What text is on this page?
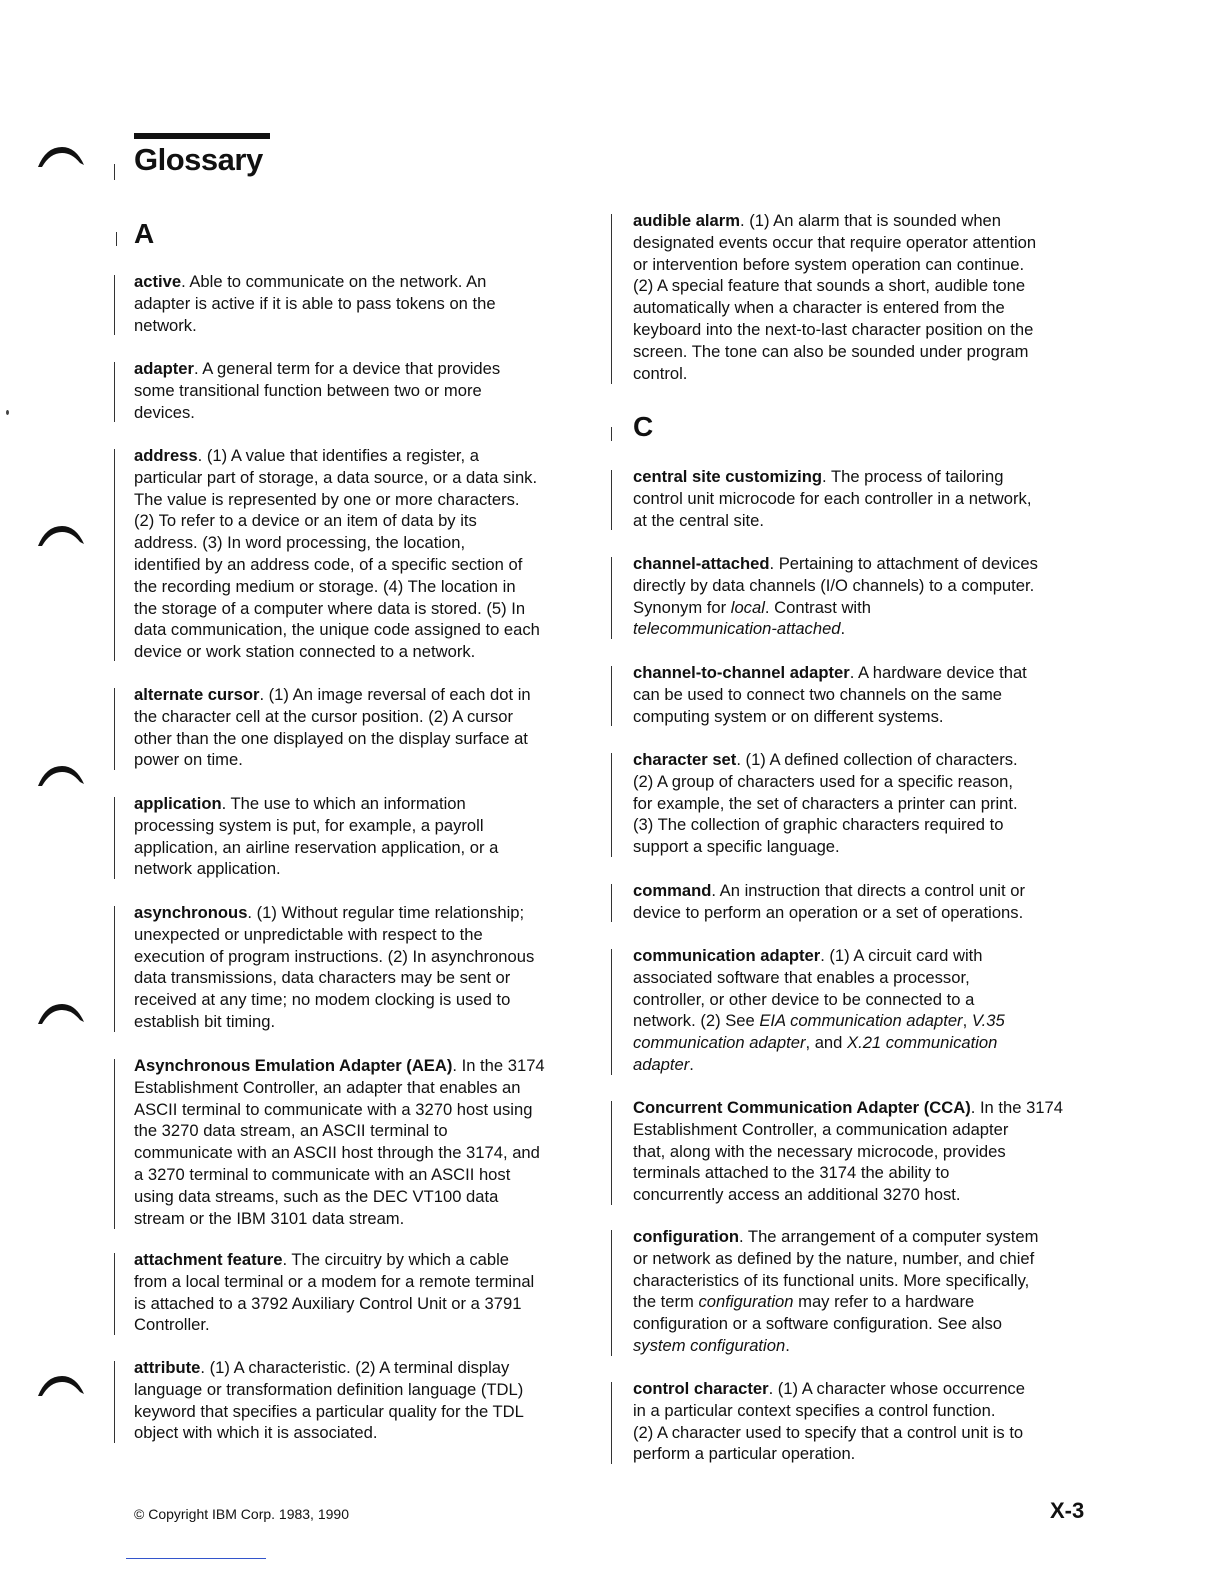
Glossary
A

active. Able to communicate on the network. An

adapter is active if it is able to pass tokens on the

network.

adapter. A general term for a device that provides

some transitional function between two or more

devices.

address. (1) A value that identifies a register, a

particular part of storage, a data source, or a data sink.

The value is represented by one or more characters.

(2) To refer to a device or an item of data by its

address. (3) In word processing, the location,

identified by an address code, of a specific section of

the recording medium or storage. (4) The location in

the storage of a computer where data is stored. (5) In

data communication, the unique code assigned to each

device or work station connected to a network.

alternate cursor. (1) An image reversal of each dot in

the character cell at the cursor position. (2) A cursor

other than the one displayed on the display surface at

power on time.

application. The use to which an information

processing system is put, for example, a payroll

application, an airline reservation application, or a

network application.

asynchronous. (1) Without regular time relationship;

unexpected or unpredictable with respect to the

execution of program instructions. (2) In asynchronous

data transmissions, data characters may be sent or

received at any time; no modem clocking is used to

establish bit timing.

Asynchronous Emulation Adapter (AEA). In the 3174

Establishment Controller, an adapter that enables an

ASCII terminal to communicate with a 3270 host using

the 3270 data stream, an ASCII terminal to

communicate with an ASCII host through the 3174, and

a 3270 terminal to communicate with an ASCII host

using data streams, such as the DEC VT100 data

stream or the IBM 3101 data stream.

attachment feature. The circuitry by which a cable

from a local terminal or a modem for a remote terminal

is attached to a 3792 Auxiliary Control Unit or a 3791

Controller.

attribute. (1) A characteristic. (2) A terminal display

language or transformation definition language (TDL)

keyword that specifies a particular quality for the TDL

object with which it is associated.

audible alarm. (1) An alarm that is sounded when

designated events occur that require operator attention

or intervention before system operation can continue.

(2) A special feature that sounds a short, audible tone

automatically when a character is entered from the

keyboard into the next-to-last character position on the

screen. The tone can also be sounded under program

control.

C

central site customizing. The process of tailoring

control unit microcode for each controller in a network,

at the central site.

channel-attached. Pertaining to attachment of devices

directly by data channels (I/O channels) to a computer.

Synonym for local. Contrast with

telecommunication-attached.

channel-to-channel adapter. A hardware device that

can be used to connect two channels on the same

computing system or on different systems.

character set. (1) A defined collection of characters.

(2) A group of characters used for a specific reason,

for example, the set of characters a printer can print.

(3) The collection of graphic characters required to

support a specific language.

command. An instruction that directs a control unit or

device to perform an operation or a set of operations.

communication adapter. (1) A circuit card with

associated software that enables a processor,

controller, or other device to be connected to a

network. (2) See EIA communication adapter, V.35

communication adapter, and X.21 communication

adapter.

Concurrent Communication Adapter (CCA). In the 3174

Establishment Controller, a communication adapter

that, along with the necessary microcode, provides

terminals attached to the 3174 the ability to

concurrently access an additional 3270 host.

configuration. The arrangement of a computer system

or network as defined by the nature, number, and chief

characteristics of its functional units. More specifically,

the term configuration may refer to a hardware

configuration or a software configuration. See also

system configuration.

control character. (1) A character whose occurrence

in a particular context specifies a control function.

(2) A character used to specify that a control unit is to

perform a particular operation.

© Copyright IBM Corp. 1983, 1990	X-3
